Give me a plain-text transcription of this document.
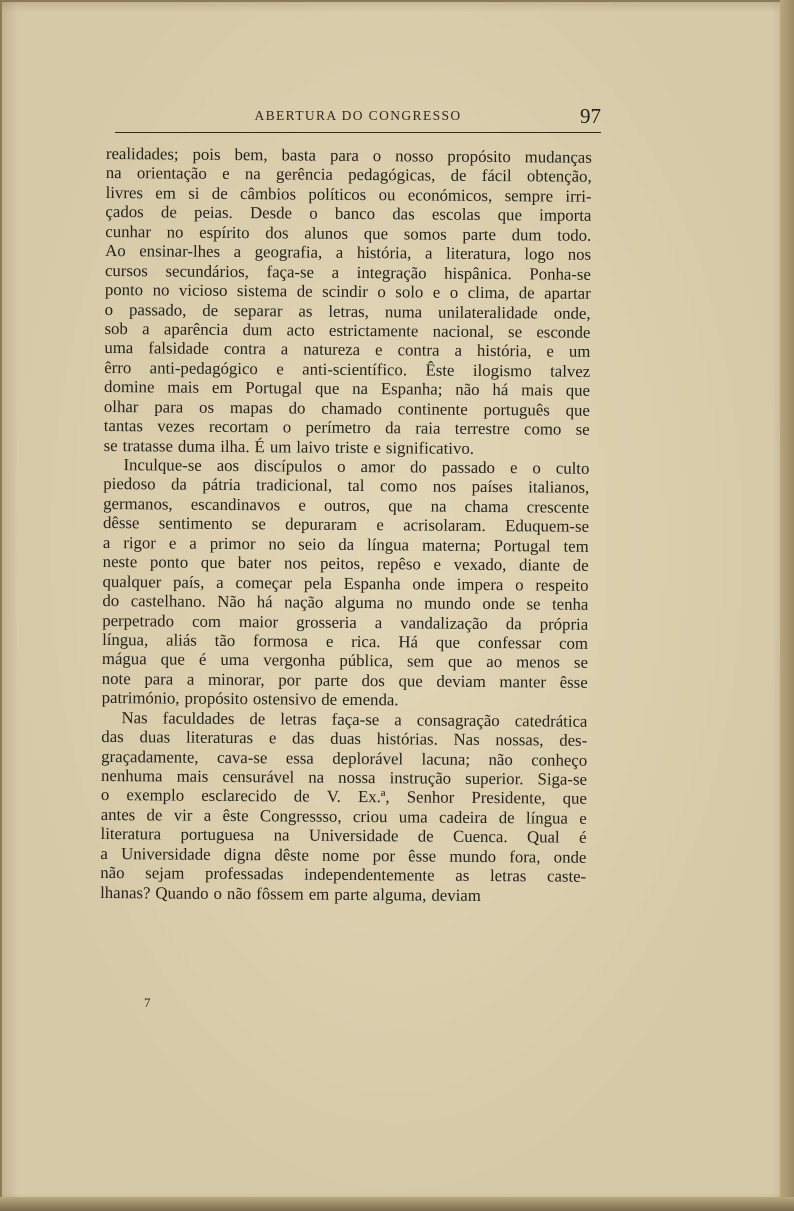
ABERTURA DO CONGRESSO	97
realidades; pois bem, basta para o nosso propósito mudanças
na orientação e na gerência pedagógicas, de fácil obtenção,
livres em si de câmbios políticos ou económicos, sempre irri-
çados de peias. Desde o banco das escolas que importa
cunhar no espírito dos alunos que somos parte dum todo.
Ao ensinar-lhes a geografia, a história, a literatura, logo nos
cursos secundários, faça-se a integração hispânica. Ponha-se
ponto no vicioso sistema de scindir o solo e o clima, de apartar
o passado, de separar as letras, numa unilateralidade onde,
sob a aparência dum acto estrictamente nacional, se esconde
uma falsidade contra a natureza e contra a história, e um
êrro anti-pedagógico e anti-scientífico. Êste ilogismo talvez
domine mais em Portugal que na Espanha; não há mais que
olhar para os mapas do chamado continente português que
tantas vezes recortam o perímetro da raia terrestre como se
se tratasse duma ilha. É um laivo triste e significativo.
Inculque-se aos discípulos o amor do passado e o culto
piedoso da pátria tradicional, tal como nos países italianos,
germanos, escandinavos e outros, que na chama crescente
dêsse sentimento se depuraram e acrisolaram. Eduquem-se
a rigor e a primor no seio da língua materna; Portugal tem
neste ponto que bater nos peitos, repêso e vexado, diante de
qualquer país, a começar pela Espanha onde impera o respeito
do castelhano. Não há nação alguma no mundo onde se tenha
perpetrado com maior grosseria a vandalização da própria
língua, aliás tão formosa e rica. Há que confessar com
mágua que é uma vergonha pública, sem que ao menos se
note para a minorar, por parte dos que deviam manter êsse
património, propósito ostensivo de emenda.
Nas faculdades de letras faça-se a consagração catedrática
das duas literaturas e das duas histórias. Nas nossas, des-
graçadamente, cava-se essa deplorável lacuna; não conheço
nenhuma mais censurável na nossa instrução superior. Siga-se
o exemplo esclarecido de V. Ex.ª, Senhor Presidente, que
antes de vir a êste Congressso, criou uma cadeira de língua e
literatura portuguesa na Universidade de Cuenca. Qual é
a Universidade digna dêste nome por êsse mundo fora, onde
não sejam professadas independentemente as letras caste-
lhanas? Quando o não fôssem em parte alguma, deviam
7
